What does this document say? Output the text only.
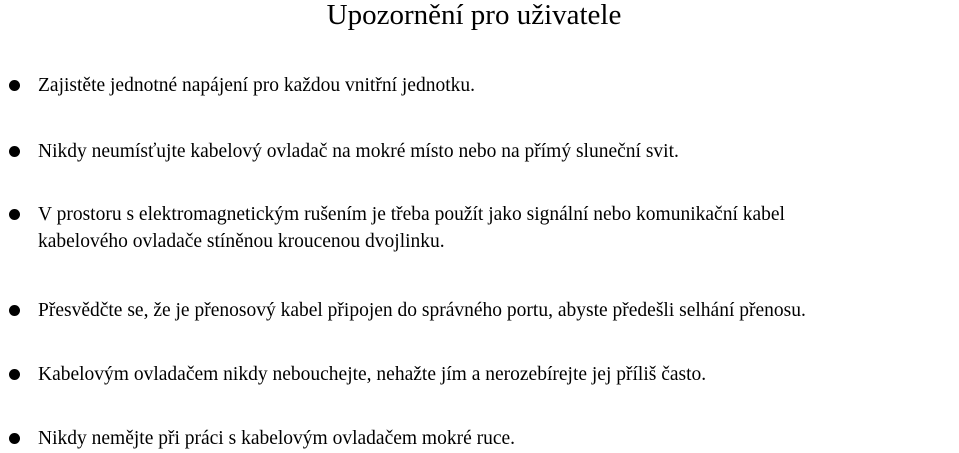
Upozornění pro uživatele
Zajistěte jednotné napájení pro každou vnitřní jednotku.
Nikdy neumísťujte kabelový ovladač na mokré místo nebo na přímý sluneční svit.
V prostoru s elektromagnetickým rušením je třeba použít jako signální nebo komunikační kabel
kabelového ovladače stíněnou kroucenou dvojlinku.
Přesvědčte se, že je přenosový kabel připojen do správného portu, abyste předešli selhání přenosu.
Kabelovým ovladačem nikdy nebouchejte, nehažte jím a nerozebírejte jej příliš často.
Nikdy nemějte při práci s kabelovým ovladačem mokré ruce.
